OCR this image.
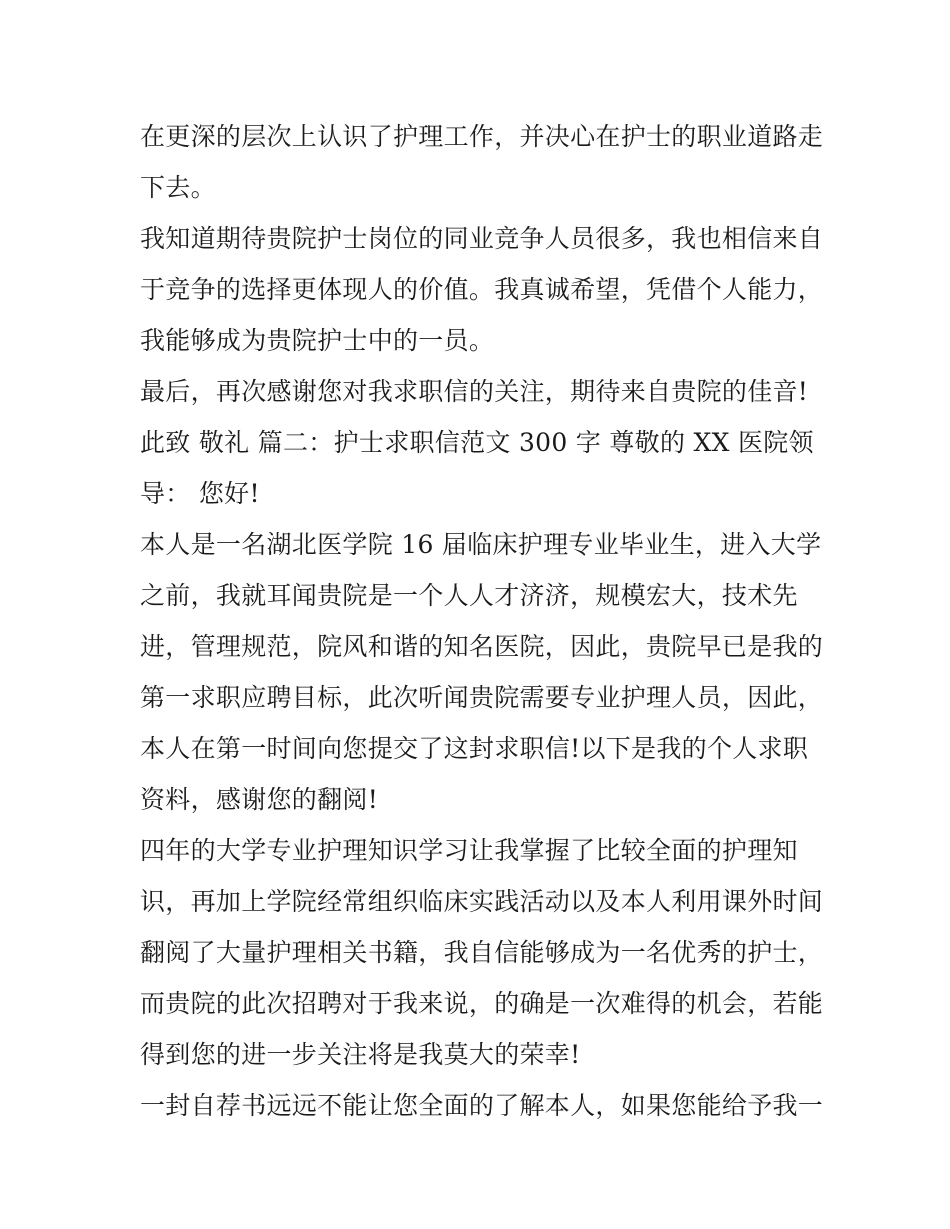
在更深的层次上认识了护理工作，并决心在护士的职业道路走
下去。
我知道期待贵院护士岗位的同业竞争人员很多，我也相信来自
于竞争的选择更体现人的价值。我真诚希望，凭借个人能力，
我能够成为贵院护士中的一员。
最后，再次感谢您对我求职信的关注，期待来自贵院的佳音!
此致 敬礼 篇二：护士求职信范文 300 字 尊敬的 XX 医院领
导： 您好!
本人是一名湖北医学院 16 届临床护理专业毕业生，进入大学
之前，我就耳闻贵院是一个人人才济济，规模宏大，技术先
进，管理规范，院风和谐的知名医院，因此，贵院早已是我的
第一求职应聘目标，此次听闻贵院需要专业护理人员，因此，
本人在第一时间向您提交了这封求职信!以下是我的个人求职
资料，感谢您的翻阅!
四年的大学专业护理知识学习让我掌握了比较全面的护理知
识，再加上学院经常组织临床实践活动以及本人利用课外时间
翻阅了大量护理相关书籍，我自信能够成为一名优秀的护士，
而贵院的此次招聘对于我来说，的确是一次难得的机会，若能
得到您的进一步关注将是我莫大的荣幸!
一封自荐书远远不能让您全面的了解本人，如果您能给予我一
